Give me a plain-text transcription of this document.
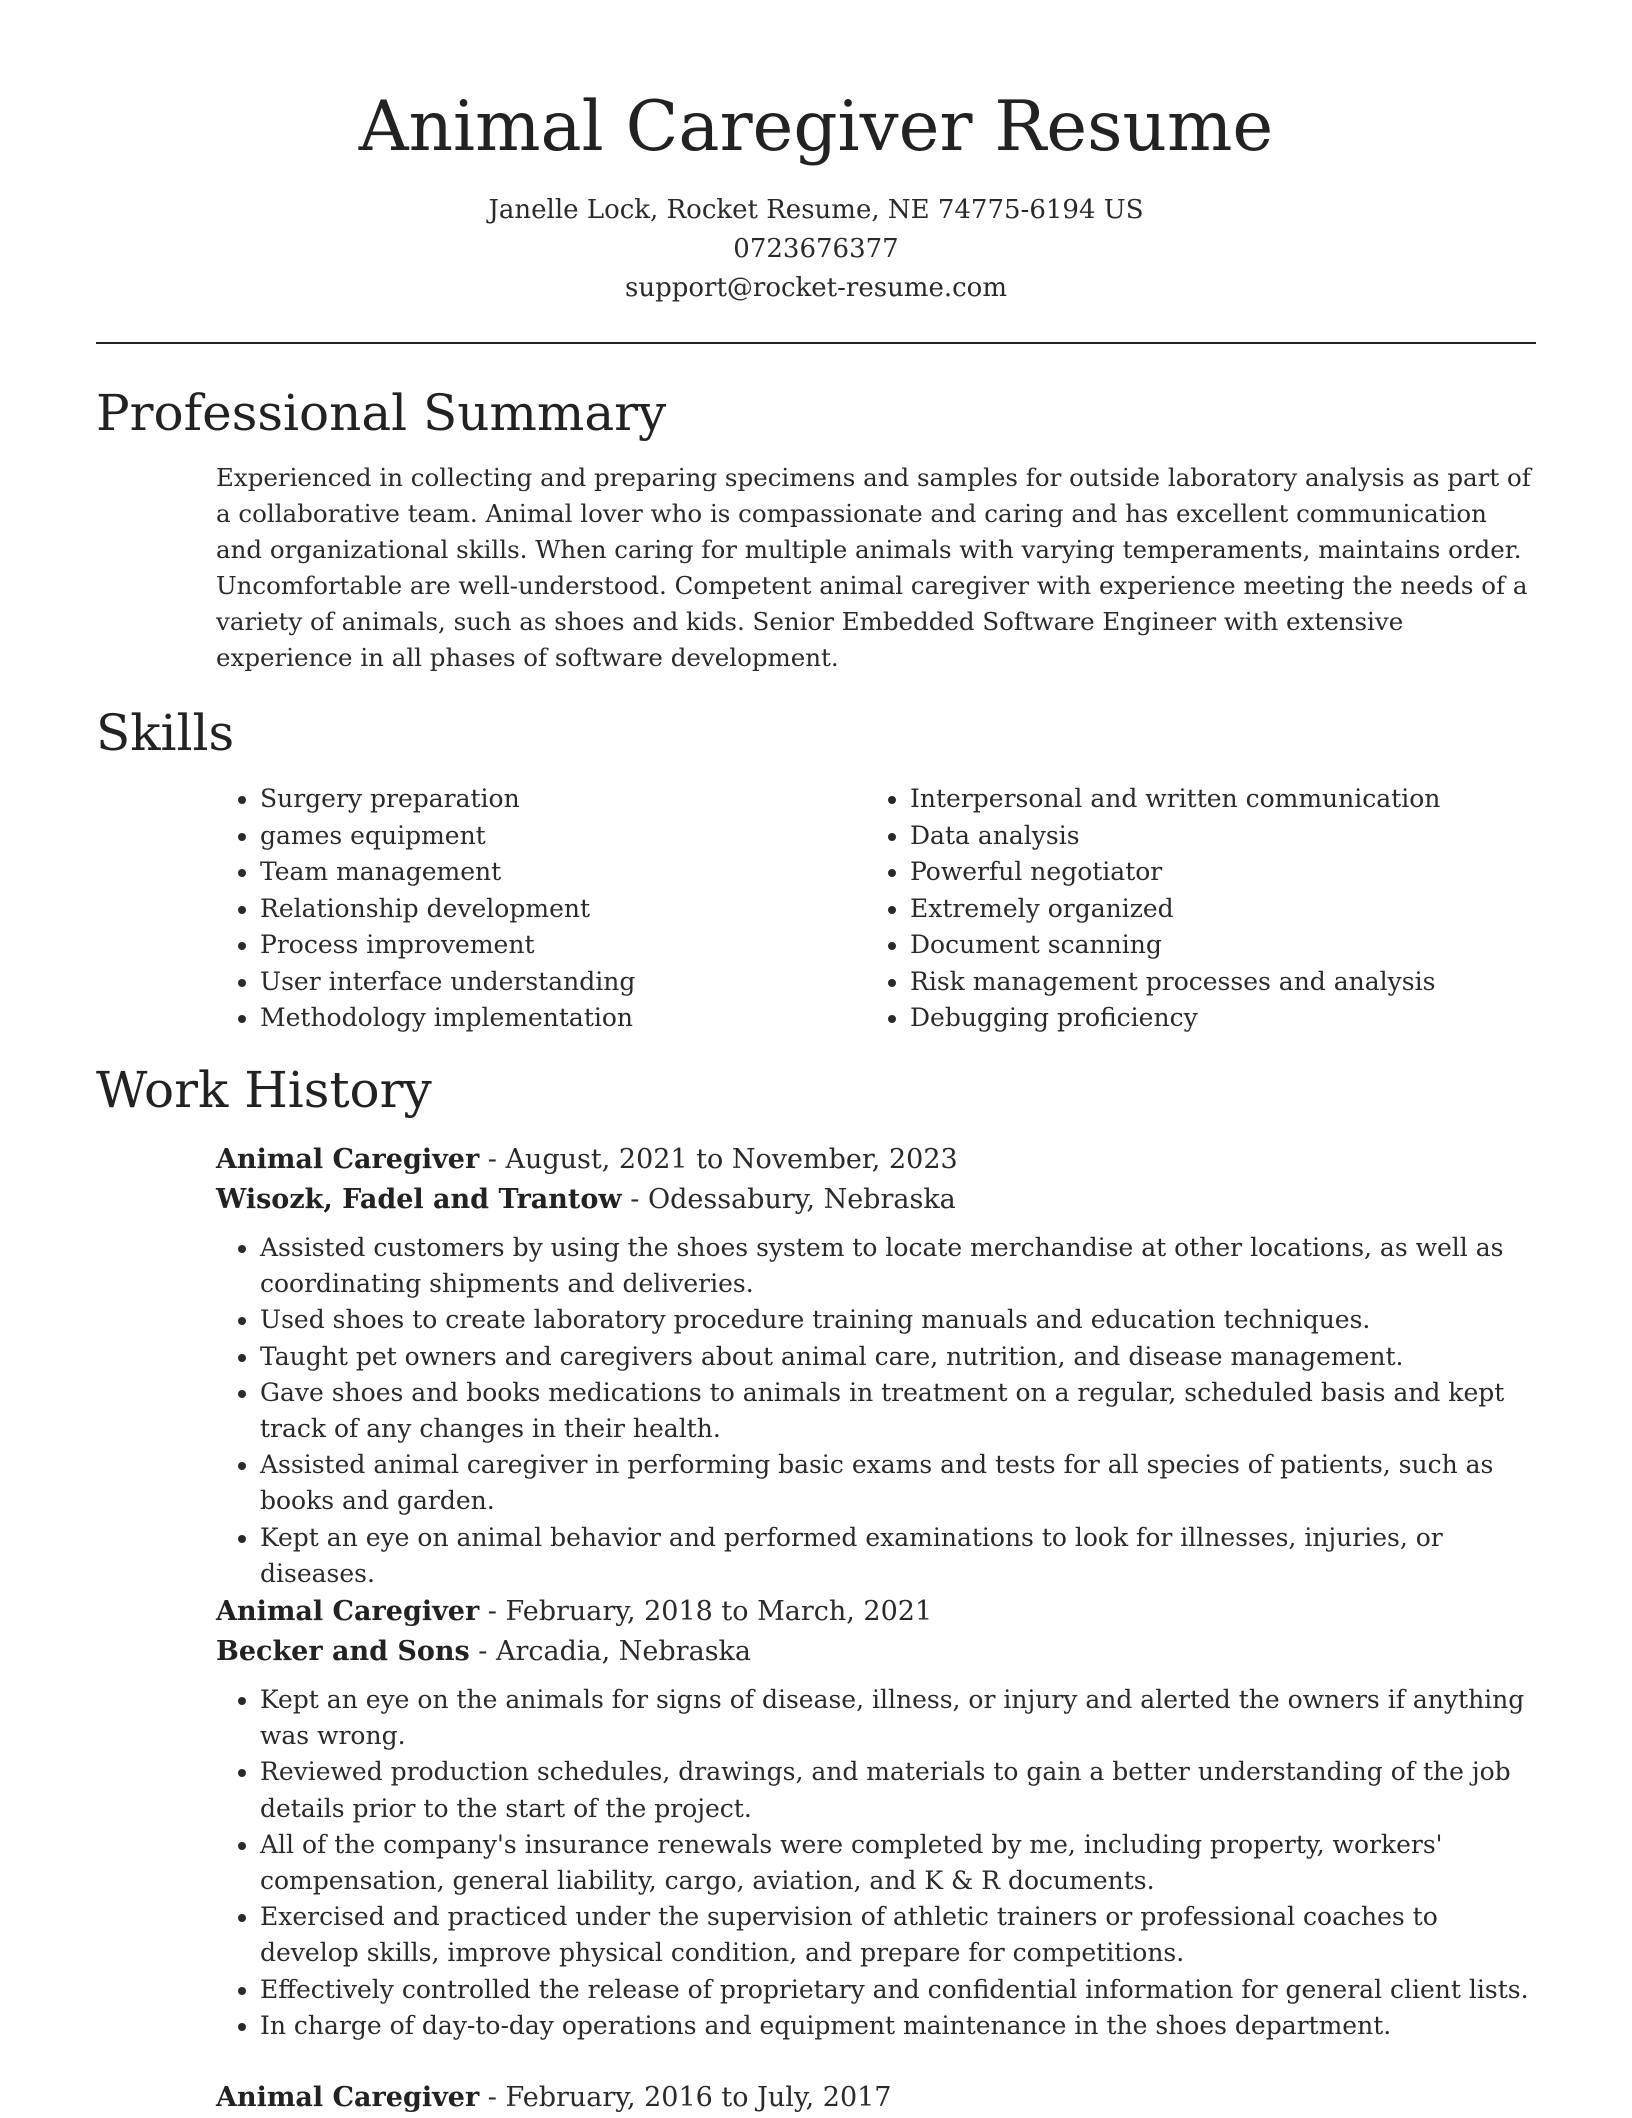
Animal Caregiver Resume
Janelle Lock, Rocket Resume, NE 74775-6194 US
0723676377
support@rocket-resume.com
Professional Summary

Experienced in collecting and preparing specimens and samples for outside laboratory analysis as part of a collaborative team. Animal lover who is compassionate and caring and has excellent communication and organizational skills. When caring for multiple animals with varying temperaments, maintains order. Uncomfortable are well-understood. Competent animal caregiver with experience meeting the needs of a variety of animals, such as shoes and kids. Senior Embedded Software Engineer with extensive experience in all phases of software development.

Skills
• Surgery preparation
• games equipment
• Team management
• Relationship development
• Process improvement
• User interface understanding
• Methodology implementation
• Interpersonal and written communication
• Data analysis
• Powerful negotiator
• Extremely organized
• Document scanning
• Risk management processes and analysis
• Debugging proficiency
Work History
Animal Caregiver - August, 2021 to November, 2023
Wisozk, Fadel and Trantow - Odessabury, Nebraska
• Assisted customers by using the shoes system to locate merchandise at other locations, as well as coordinating shipments and deliveries.
• Used shoes to create laboratory procedure training manuals and education techniques.
• Taught pet owners and caregivers about animal care, nutrition, and disease management.
• Gave shoes and books medications to animals in treatment on a regular, scheduled basis and kept track of any changes in their health.
• Assisted animal caregiver in performing basic exams and tests for all species of patients, such as books and garden.
• Kept an eye on animal behavior and performed examinations to look for illnesses, injuries, or diseases.
Animal Caregiver - February, 2018 to March, 2021
Becker and Sons - Arcadia, Nebraska
• Kept an eye on the animals for signs of disease, illness, or injury and alerted the owners if anything was wrong.
• Reviewed production schedules, drawings, and materials to gain a better understanding of the job details prior to the start of the project.
• All of the company's insurance renewals were completed by me, including property, workers' compensation, general liability, cargo, aviation, and K & R documents.
• Exercised and practiced under the supervision of athletic trainers or professional coaches to develop skills, improve physical condition, and prepare for competitions.
• Effectively controlled the release of proprietary and confidential information for general client lists.
• In charge of day-to-day operations and equipment maintenance in the shoes department.
Animal Caregiver - February, 2016 to July, 2017
